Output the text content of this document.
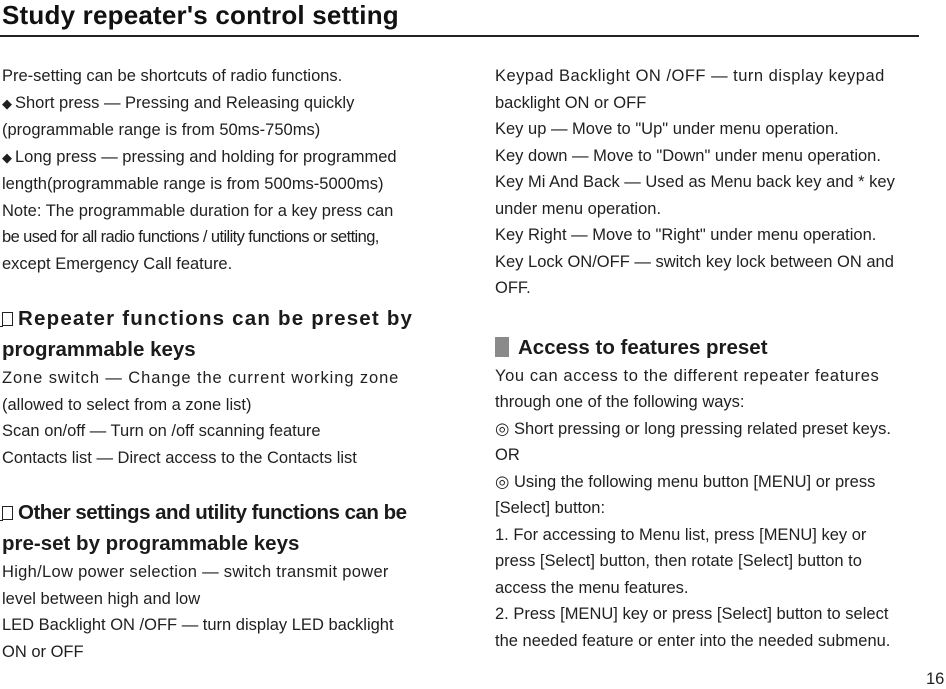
Study repeater's control setting

Pre-setting can be shortcuts of radio functions.

◆ Short press — Pressing and Releasing quickly

(programmable range is from 50ms-750ms)

◆ Long press — pressing and holding for programmed

length(programmable range is from 500ms-5000ms)

Note: The programmable duration for a key press can

be used for all radio functions / utility functions or setting,

except Emergency Call feature.

Repeater functions can be preset by

programmable keys

Zone switch — Change the current working zone

(allowed to select from a zone list)

Scan on/off — Turn on /off scanning feature

Contacts list — Direct access to the Contacts list

Other settings and utility functions can be

pre-set by programmable keys

High/Low power selection — switch transmit power

level between high and low

LED Backlight ON /OFF — turn display LED backlight

ON or OFF

Keypad Backlight ON /OFF — turn display keypad

backlight ON or OFF

Key up — Move to "Up" under menu operation.

Key down — Move to "Down" under menu operation.

Key Mi And Back — Used as Menu back key and * key

under menu operation.

Key Right — Move to "Right" under menu operation.

Key Lock ON/OFF — switch key lock between ON and

OFF.

Access to features preset

You can access to the different repeater features

through one of the following ways:

◎ Short pressing or long pressing related preset keys.

OR

◎ Using the following menu button [MENU] or press

[Select] button:

1. For accessing to Menu list, press [MENU] key or

press [Select] button, then rotate [Select] button to

access the menu features.

2. Press [MENU] key or press [Select] button to select

the needed feature or enter into the needed submenu.

16
